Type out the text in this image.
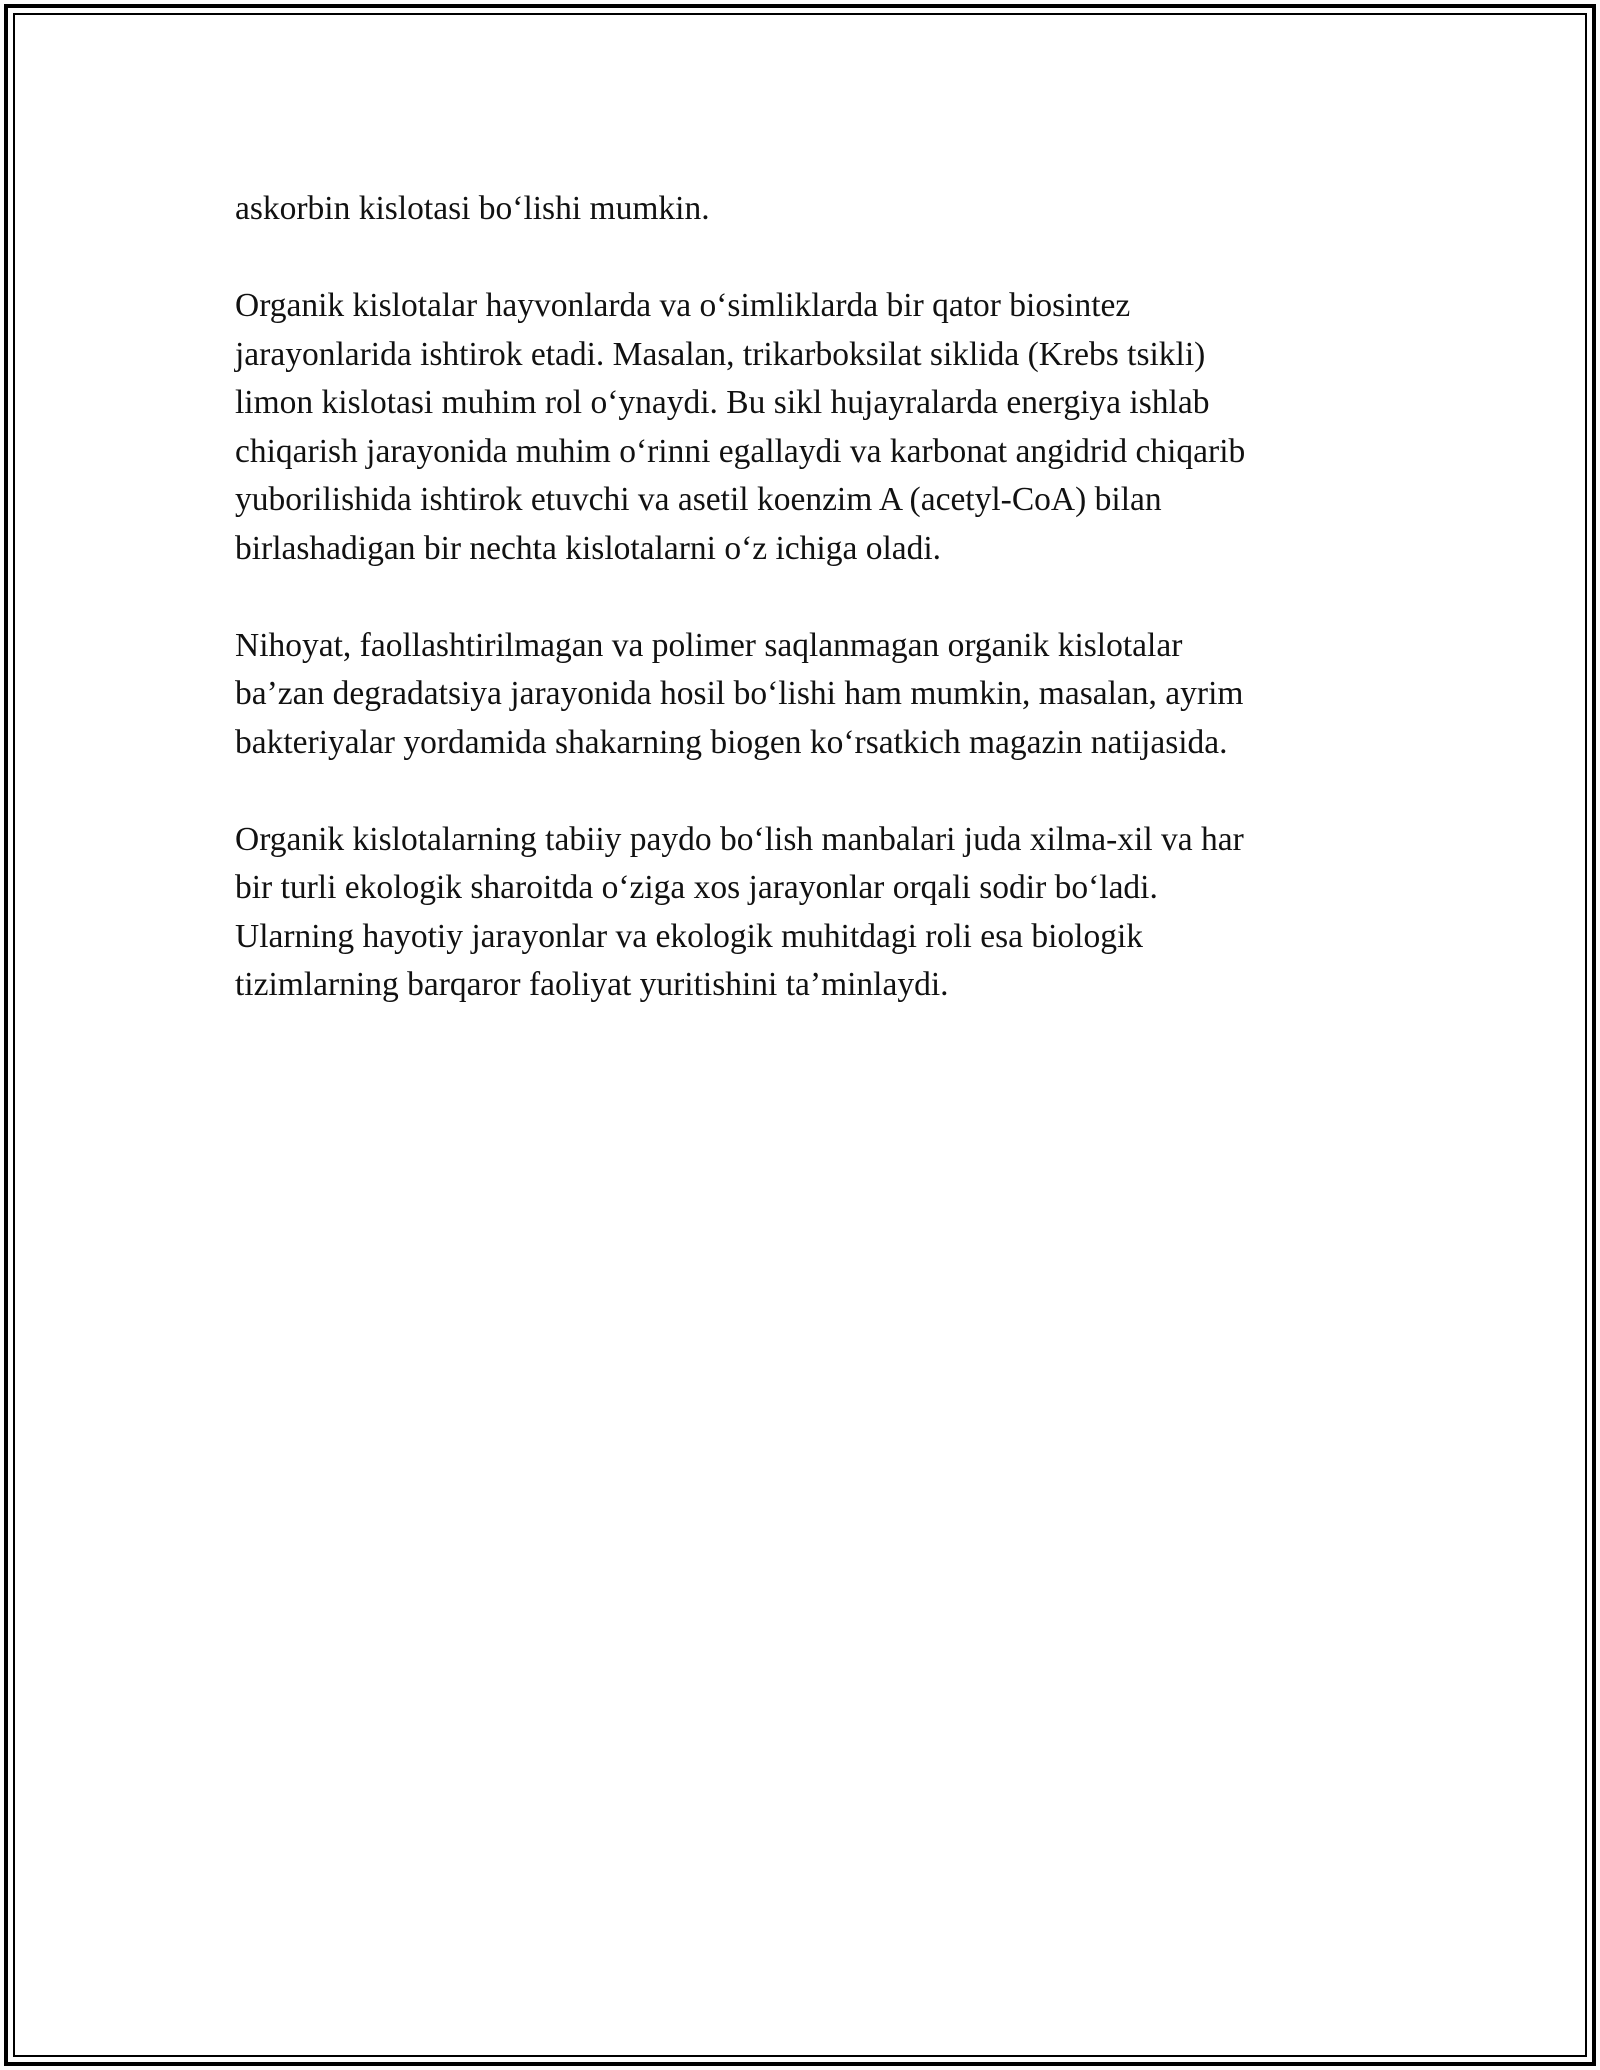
askorbin kislotasi bo‘lishi mumkin.

Organik kislotalar hayvonlarda va o‘simliklarda bir qator biosintez
jarayonlarida ishtirok etadi. Masalan, trikarboksilat siklida (Krebs tsikli)
limon kislotasi muhim rol o‘ynaydi. Bu sikl hujayralarda energiya ishlab
chiqarish jarayonida muhim o‘rinni egallaydi va karbonat angidrid chiqarib
yuborilishida ishtirok etuvchi va asetil koenzim A (acetyl-CoA) bilan
birlashadigan bir nechta kislotalarni o‘z ichiga oladi.

Nihoyat, faollashtirilmagan va polimer saqlanmagan organik kislotalar
ba’zan degradatsiya jarayonida hosil bo‘lishi ham mumkin, masalan, ayrim
bakteriyalar yordamida shakarning biogen ko‘rsatkich magazin natijasida.

Organik kislotalarning tabiiy paydo bo‘lish manbalari juda xilma-xil va har
bir turli ekologik sharoitda o‘ziga xos jarayonlar orqali sodir bo‘ladi.
Ularning hayotiy jarayonlar va ekologik muhitdagi roli esa biologik
tizimlarning barqaror faoliyat yuritishini ta’minlaydi.
